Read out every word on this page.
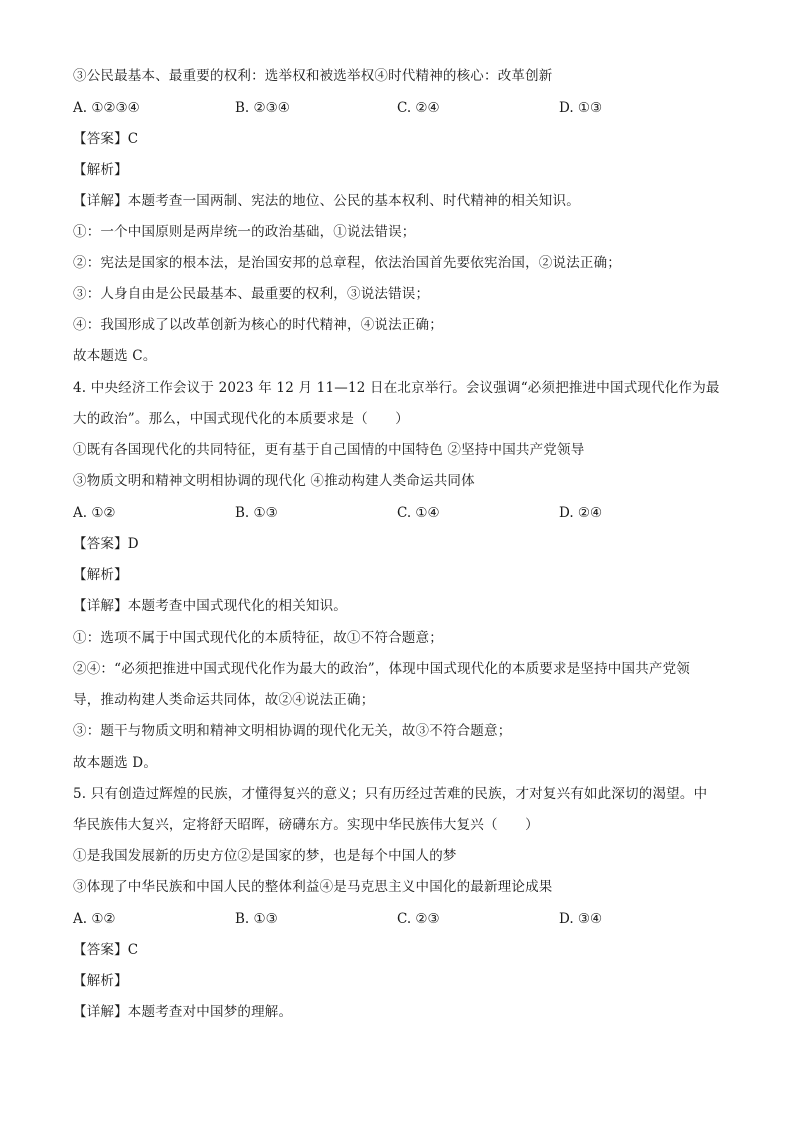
③公民最基本、最重要的权利：选举权和被选举权④时代精神的核心：改革创新
A. ①②③④	B. ②③④	C. ②④	D. ①③
【答案】C
【解析】
【详解】本题考查一国两制、宪法的地位、公民的基本权利、时代精神的相关知识。
①：一个中国原则是两岸统一的政治基础，①说法错误；
②：宪法是国家的根本法，是治国安邦的总章程，依法治国首先要依宪治国，②说法正确；
③：人身自由是公民最基本、最重要的权利，③说法错误；
④：我国形成了以改革创新为核心的时代精神，④说法正确；
故本题选 C。
4. 中央经济工作会议于 2023 年 12 月 11—12 日在北京举行。会议强调“必须把推进中国式现代化作为最
大的政治”。那么，中国式现代化的本质要求是（　　）
①既有各国现代化的共同特征，更有基于自己国情的中国特色 ②坚持中国共产党领导
③物质文明和精神文明相协调的现代化 ④推动构建人类命运共同体
A. ①②	B. ①③	C. ①④	D. ②④
【答案】D
【解析】
【详解】本题考查中国式现代化的相关知识。
①：选项不属于中国式现代化的本质特征，故①不符合题意；
②④：“必须把推进中国式现代化作为最大的政治”，体现中国式现代化的本质要求是坚持中国共产党领
导，推动构建人类命运共同体，故②④说法正确；
③：题干与物质文明和精神文明相协调的现代化无关，故③不符合题意；
故本题选 D。
5. 只有创造过辉煌的民族，才懂得复兴的意义；只有历经过苦难的民族，才对复兴有如此深切的渴望。中
华民族伟大复兴，定将舒天昭晖，磅礴东方。实现中华民族伟大复兴（　　）
①是我国发展新的历史方位②是国家的梦，也是每个中国人的梦
③体现了中华民族和中国人民的整体利益④是马克思主义中国化的最新理论成果
A. ①②	B. ①③	C. ②③	D. ③④
【答案】C
【解析】
【详解】本题考查对中国梦的理解。
